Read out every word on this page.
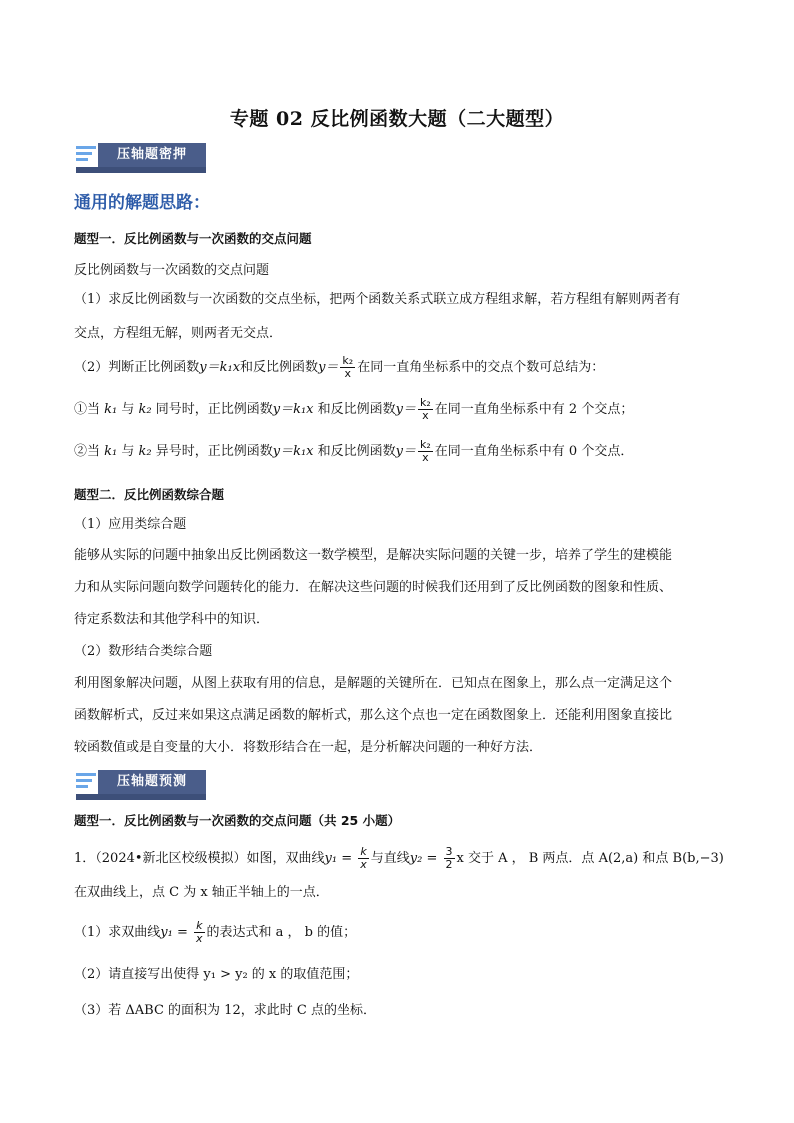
专题 02 反比例函数大题（二大题型）
压轴题密押
通用的解题思路：
题型一．反比例函数与一次函数的交点问题
反比例函数与一次函数的交点问题
（1）求反比例函数与一次函数的交点坐标，把两个函数关系式联立成方程组求解，若方程组有解则两者有
交点，方程组无解，则两者无交点．
（2）判断正比例函数y＝k₁x和反比例函数$y= \frac{\text{k₂}}{x}$ 在同一直角坐标系中的交点个数可总结为：
①当 k₁ 与 k₂ 同号时，正比例函数y＝k₁x 和反比例函数$y= \frac{\text{k₂}}{x}$ 在同一直角坐标系中有 2 个交点；
②当 k₁ 与 k₂ 异号时，正比例函数y＝k₁x 和反比例函数$y= \frac{\text{k₂}}{x}$ 在同一直角坐标系中有 0 个交点．
题型二．反比例函数综合题
（1）应用类综合题
能够从实际的问题中抽象出反比例函数这一数学模型，是解决实际问题的关键一步，培养了学生的建模能
力和从实际问题向数学问题转化的能力．在解决这些问题的时候我们还用到了反比例函数的图象和性质、
待定系数法和其他学科中的知识．
（2）数形结合类综合题
利用图象解决问题，从图上获取有用的信息，是解题的关键所在．已知点在图象上，那么点一定满足这个
函数解析式，反过来如果这点满足函数的解析式，那么这个点也一定在函数图象上．还能利用图象直接比
较函数值或是自变量的大小．将数形结合在一起，是分析解决问题的一种好方法．
压轴题预测
题型一．反比例函数与一次函数的交点问题（共 25 小题）
1．（2024•新北区校级模拟）如图，双曲线$y_1 = \frac{k}{x}$ 与直线$y_2 = \frac{3}{2}$ x 交于 A ， B 两点．点 A(2,a) 和点 B(b,−3)
在双曲线上，点 C 为 x 轴正半轴上的一点．
（1）求双曲线$y_1 = \frac{k}{x}$ 的表达式和 a ， b 的值；
（2）请直接写出使得 y₁ > y₂ 的 x 的取值范围；
（3）若 ΔABC 的面积为 12，求此时 C 点的坐标．
